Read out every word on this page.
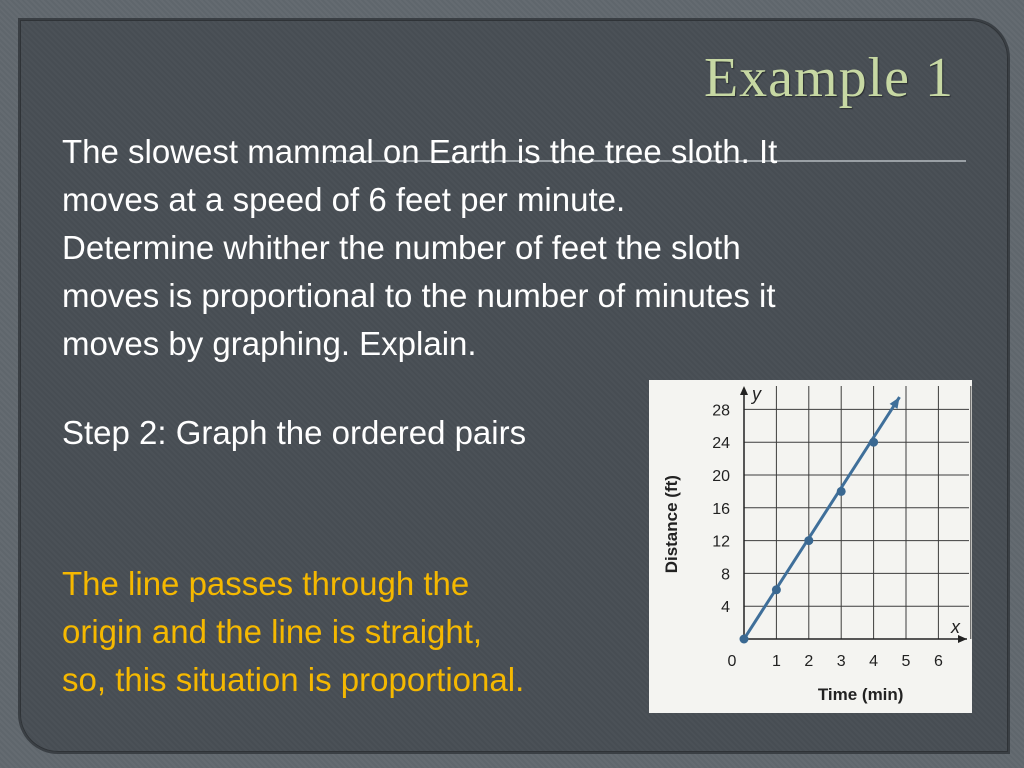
Example 1
The slowest mammal on Earth is the tree sloth. It
moves at a speed of 6 feet per minute.
Determine whither the number of feet the sloth
moves is proportional to the number of minutes it
moves by graphing. Explain.
Step 2: Graph the ordered pairs
The line passes through the
origin and the line is straight,
so, this situation is proportional.
x
y
4
8
12
16
20
24
28
0 1 2 3 4 5 6
Time (min)
Distance (ft)
